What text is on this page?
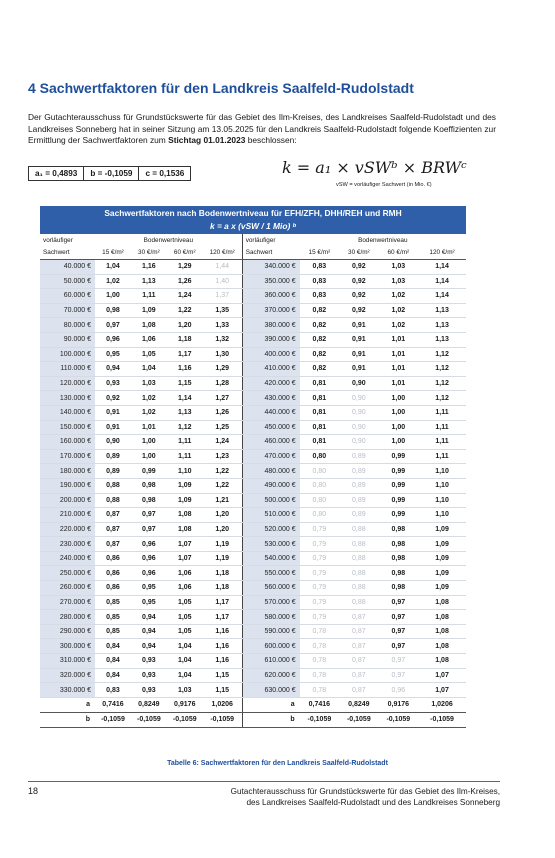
4 Sachwertfaktoren für den Landkreis Saalfeld-Rudolstadt
Der Gutachterausschuss für Grundstückswerte für das Gebiet des Ilm-Kreises, des Landkreises Saalfeld-Rudolstadt und des Landkreises Sonneberg hat in seiner Sitzung am 13.05.2025 für den Landkreis Saalfeld-Rudolstadt folgende Koeffizienten zur Ermittlung der Sachwertfaktoren zum Stichtag 01.01.2023 beschlossen:
a₁ = 0,4893	b = -0,1059	c = 0,1536	k = a₁ × vSWᵇ × BRWᶜ
vSW = vorläufiger Sachwert (in Mio. €)
Sachwertfaktoren nach Bodenwertniveau für EFH/ZFH, DHH/REH und RMH
k = a x (vSW / 1 Mio) ᵇ									

vorläufiger	Bodenwertniveau				vorläufiger	Bodenwertniveau			
Sachwert	15 €/m²	30 €/m²	60 €/m²	120 €/m²	Sachwert	15 €/m²	30 €/m²	60 €/m²	120 €/m²
40.000 €	1,04	1,16	1,29	1,44	340.000 €	0,83	0,92	1,03	1,14
50.000 €	1,02	1,13	1,26	1,40	350.000 €	0,83	0,92	1,03	1,14
60.000 €	1,00	1,11	1,24	1,37	360.000 €	0,83	0,92	1,02	1,14
70.000 €	0,98	1,09	1,22	1,35	370.000 €	0,82	0,92	1,02	1,13
80.000 €	0,97	1,08	1,20	1,33	380.000 €	0,82	0,91	1,02	1,13
90.000 €	0,96	1,06	1,18	1,32	390.000 €	0,82	0,91	1,01	1,13
100.000 €	0,95	1,05	1,17	1,30	400.000 €	0,82	0,91	1,01	1,12
110.000 €	0,94	1,04	1,16	1,29	410.000 €	0,82	0,91	1,01	1,12
120.000 €	0,93	1,03	1,15	1,28	420.000 €	0,81	0,90	1,01	1,12
130.000 €	0,92	1,02	1,14	1,27	430.000 €	0,81	0,90	1,00	1,12
140.000 €	0,91	1,02	1,13	1,26	440.000 €	0,81	0,90	1,00	1,11
150.000 €	0,91	1,01	1,12	1,25	450.000 €	0,81	0,90	1,00	1,11
160.000 €	0,90	1,00	1,11	1,24	460.000 €	0,81	0,90	1,00	1,11
170.000 €	0,89	1,00	1,11	1,23	470.000 €	0,80	0,89	0,99	1,11
180.000 €	0,89	0,99	1,10	1,22	480.000 €	0,80	0,89	0,99	1,10
190.000 €	0,88	0,98	1,09	1,22	490.000 €	0,80	0,89	0,99	1,10
200.000 €	0,88	0,98	1,09	1,21	500.000 €	0,80	0,89	0,99	1,10
210.000 €	0,87	0,97	1,08	1,20	510.000 €	0,80	0,89	0,99	1,10
220.000 €	0,87	0,97	1,08	1,20	520.000 €	0,79	0,88	0,98	1,09
230.000 €	0,87	0,96	1,07	1,19	530.000 €	0,79	0,88	0,98	1,09
240.000 €	0,86	0,96	1,07	1,19	540.000 €	0,79	0,88	0,98	1,09
250.000 €	0,86	0,96	1,06	1,18	550.000 €	0,79	0,88	0,98	1,09
260.000 €	0,86	0,95	1,06	1,18	560.000 €	0,79	0,88	0,98	1,09
270.000 €	0,85	0,95	1,05	1,17	570.000 €	0,79	0,88	0,97	1,08
280.000 €	0,85	0,94	1,05	1,17	580.000 €	0,79	0,87	0,97	1,08
290.000 €	0,85	0,94	1,05	1,16	590.000 €	0,78	0,87	0,97	1,08
300.000 €	0,84	0,94	1,04	1,16	600.000 €	0,78	0,87	0,97	1,08
310.000 €	0,84	0,93	1,04	1,16	610.000 €	0,78	0,87	0,97	1,08
320.000 €	0,84	0,93	1,04	1,15	620.000 €	0,78	0,87	0,97	1,07
330.000 €	0,83	0,93	1,03	1,15	630.000 €	0,78	0,87	0,96	1,07
a	0,7416	0,8249	0,9176	1,0206	a	0,7416	0,8249	0,9176	1,0206
b	-0,1059	-0,1059	-0,1059	-0,1059	b	-0,1059	-0,1059	-0,1059	-0,1059
Tabelle 6: Sachwertfaktoren für den Landkreis Saalfeld-Rudolstadt
18	Gutachterausschuss für Grundstückswerte für das Gebiet des Ilm-Kreises,
des Landkreises Saalfeld-Rudolstadt und des Landkreises Sonneberg
